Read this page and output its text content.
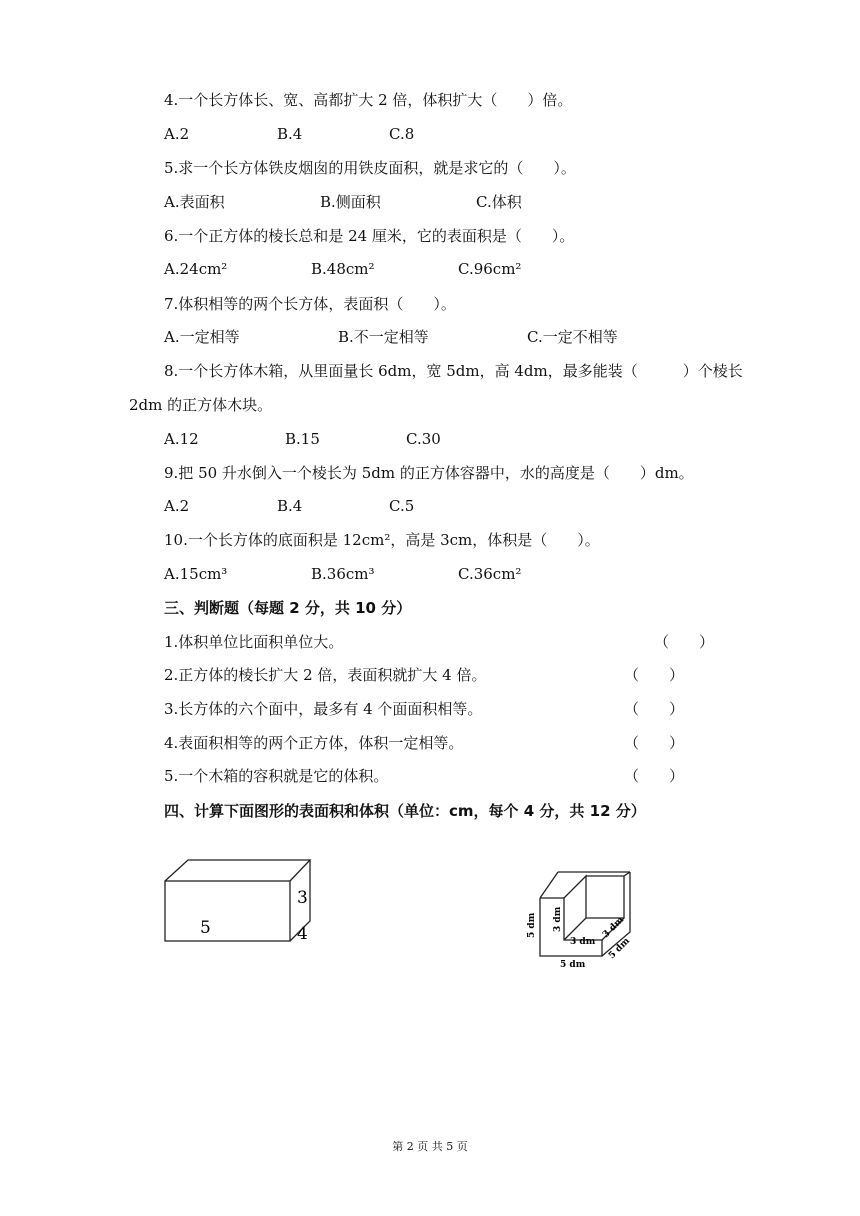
4.一个长方体长、宽、高都扩大 2 倍，体积扩大（　　）倍。
A.2	B.4	C.8
5.求一个长方体铁皮烟囱的用铁皮面积，就是求它的（　　）。
A.表面积	B.侧面积	C.体积
6.一个正方体的棱长总和是 24 厘米，它的表面积是（　　）。
A.24cm²	B.48cm²	C.96cm²
7.体积相等的两个长方体，表面积（　　）。
A.一定相等	B.不一定相等	C.一定不相等
8.一个长方体木箱，从里面量长 6dm，宽 5dm，高 4dm，最多能装（　　　）个棱长
2dm 的正方体木块。
A.12	B.15	C.30
9.把 50 升水倒入一个棱长为 5dm 的正方体容器中，水的高度是（　　）dm。
A.2	B.4	C.5
10.一个长方体的底面积是 12cm²，高是 3cm，体积是（　　）。
A.15cm³	B.36cm³	C.36cm²
三、判断题（每题 2 分，共 10 分）
1.体积单位比面积单位大。	（　　）
2.正方体的棱长扩大 2 倍，表面积就扩大 4 倍。	（　　）
3.长方体的六个面中，最多有 4 个面面积相等。	（　　）
4.表面积相等的两个正方体，体积一定相等。	（　　）
5.一个木箱的容积就是它的体积。	（　　）
四、计算下面图形的表面积和体积（单位：cm，每个 4 分，共 12 分）
5
3
4	5 dm 3 dm
3 dm
3 dm
5 dm
5 dm
第 2 页 共 5 页
